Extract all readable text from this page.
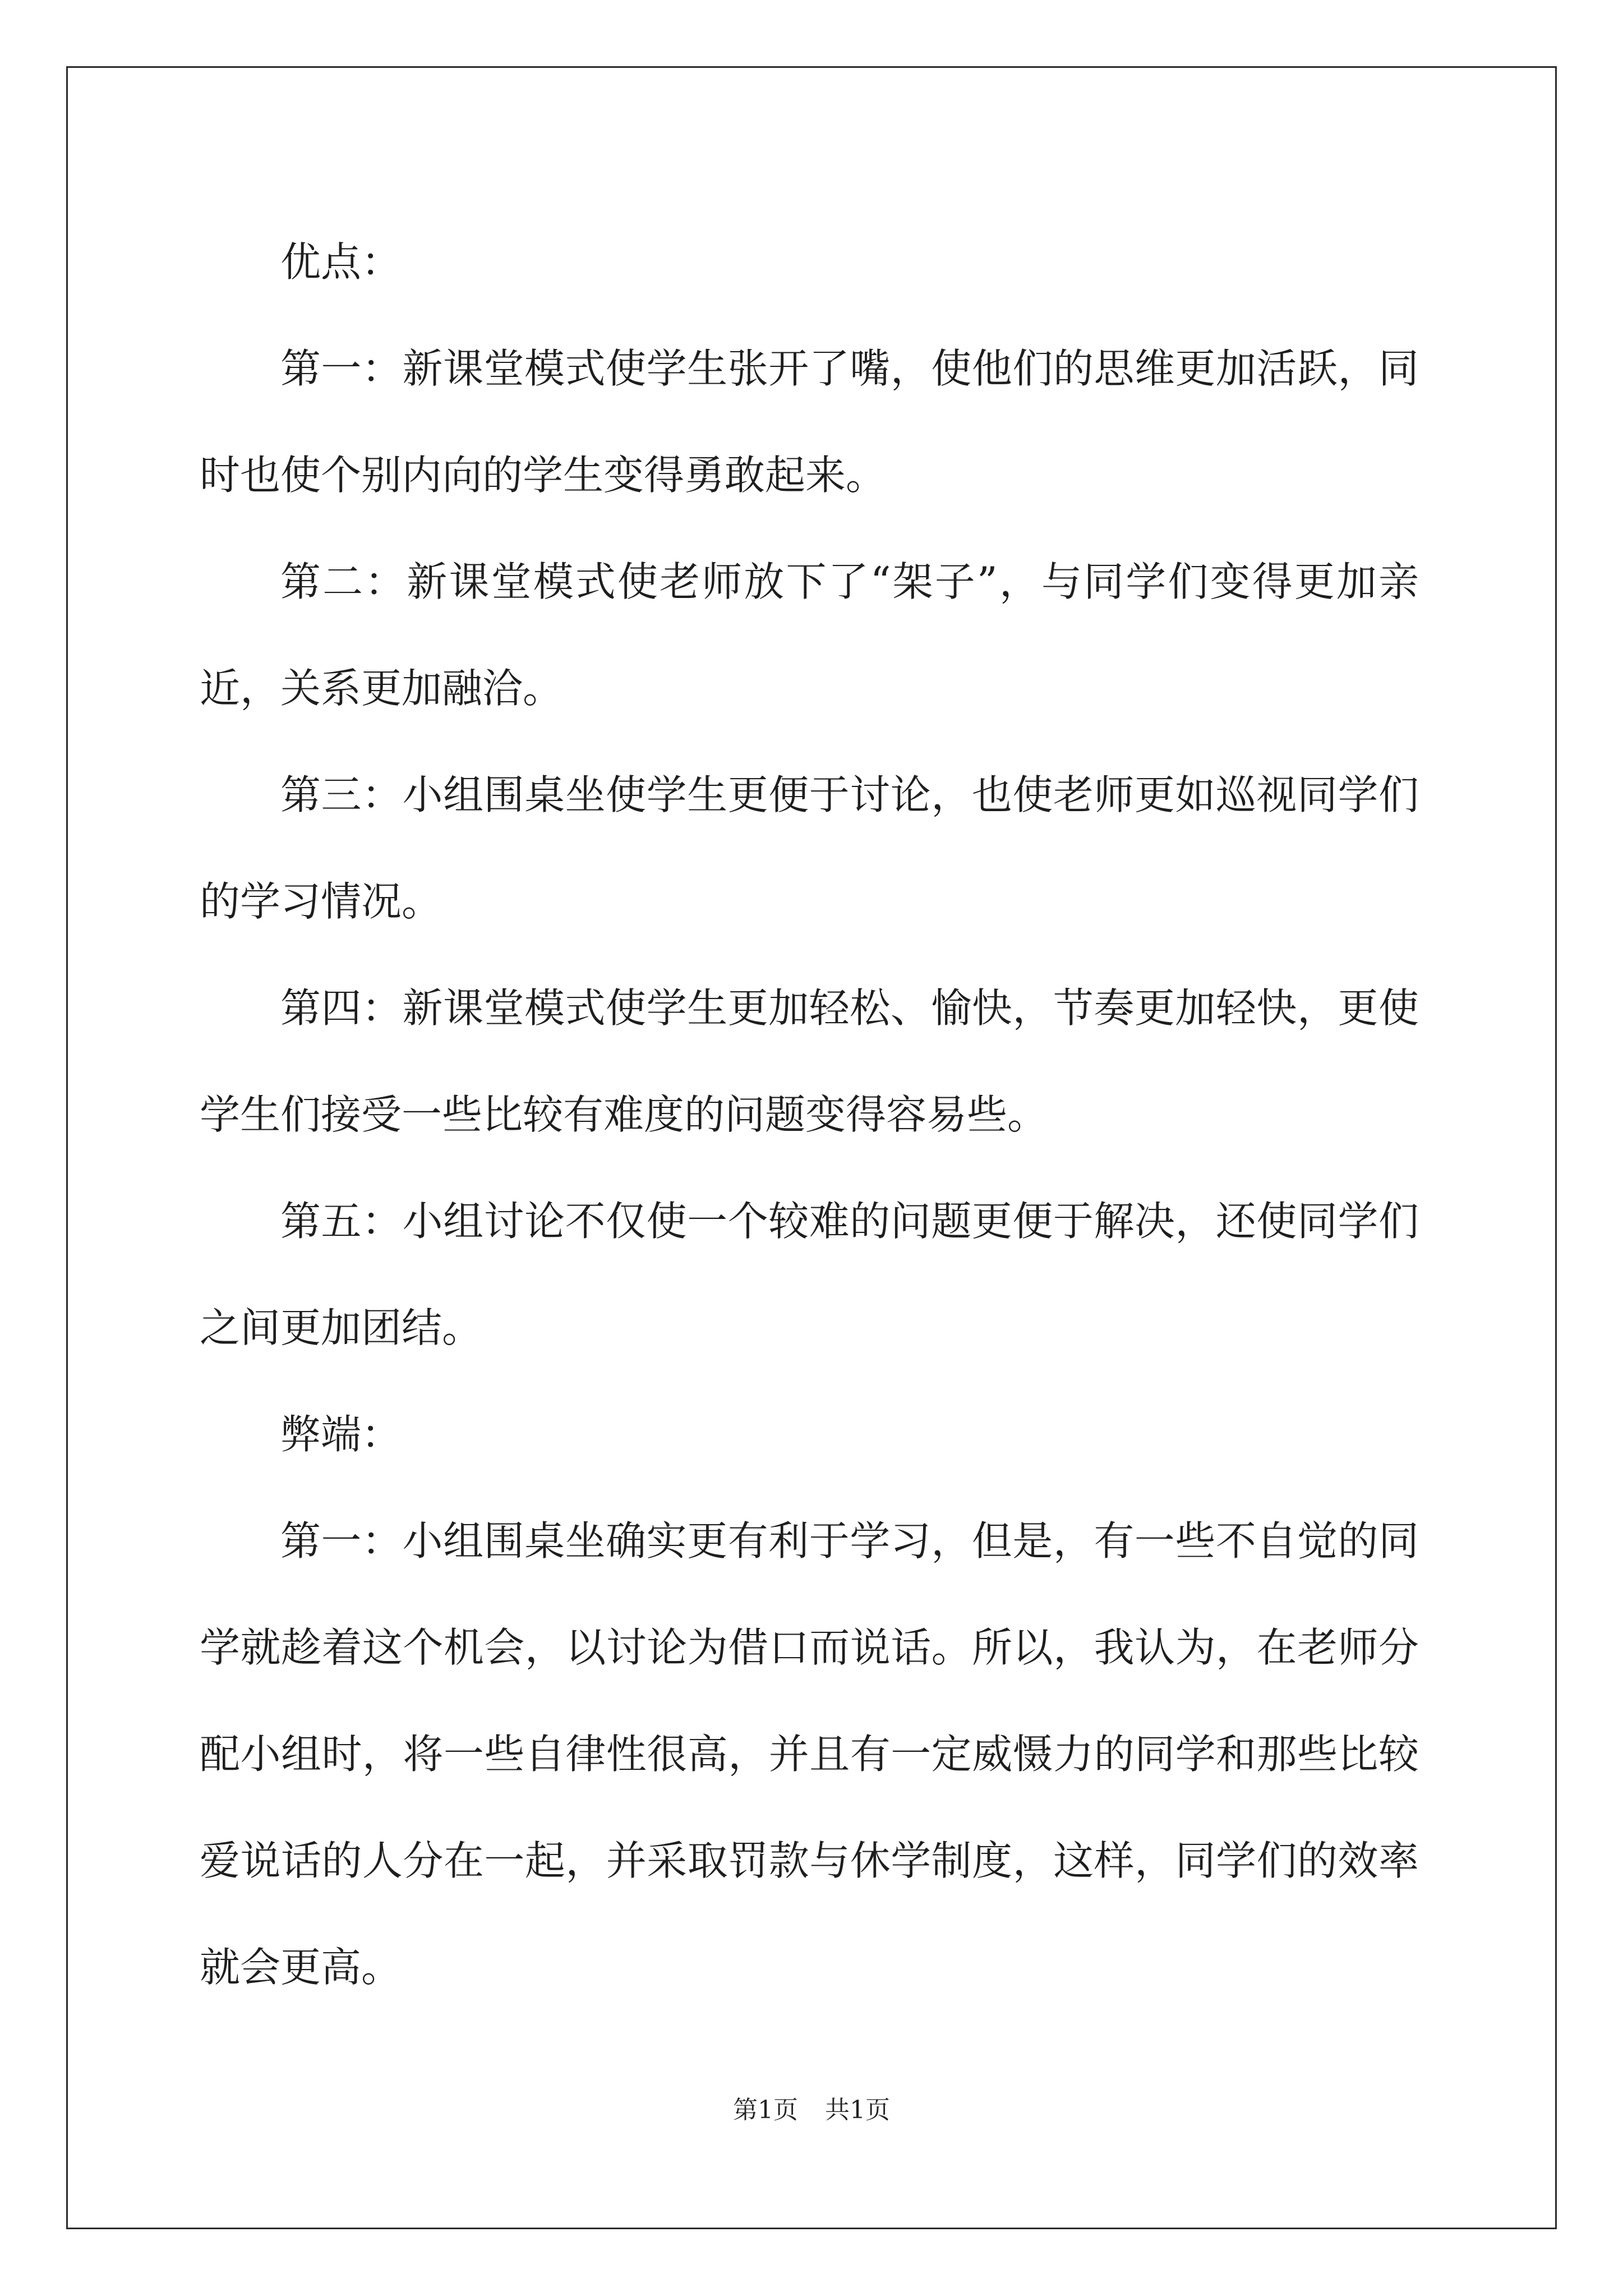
优点：

第一：新课堂模式使学生张开了嘴，使他们的思维更加活跃，同时也使个别内向的学生变得勇敢起来。

第二：新课堂模式使老师放下了“架子”，与同学们变得更加亲近，关系更加融洽。

第三：小组围桌坐使学生更便于讨论，也使老师更如巡视同学们的学习情况。

第四：新课堂模式使学生更加轻松、愉快，节奏更加轻快，更使学生们接受一些比较有难度的问题变得容易些。

第五：小组讨论不仅使一个较难的问题更便于解决，还使同学们之间更加团结。

弊端：

第一：小组围桌坐确实更有利于学习，但是，有一些不自觉的同学就趁着这个机会，以讨论为借口而说话。所以，我认为，在老师分配小组时，将一些自律性很高，并且有一定威慑力的同学和那些比较爱说话的人分在一起，并采取罚款与休学制度，这样，同学们的效率就会更高。

第1页 共1页
